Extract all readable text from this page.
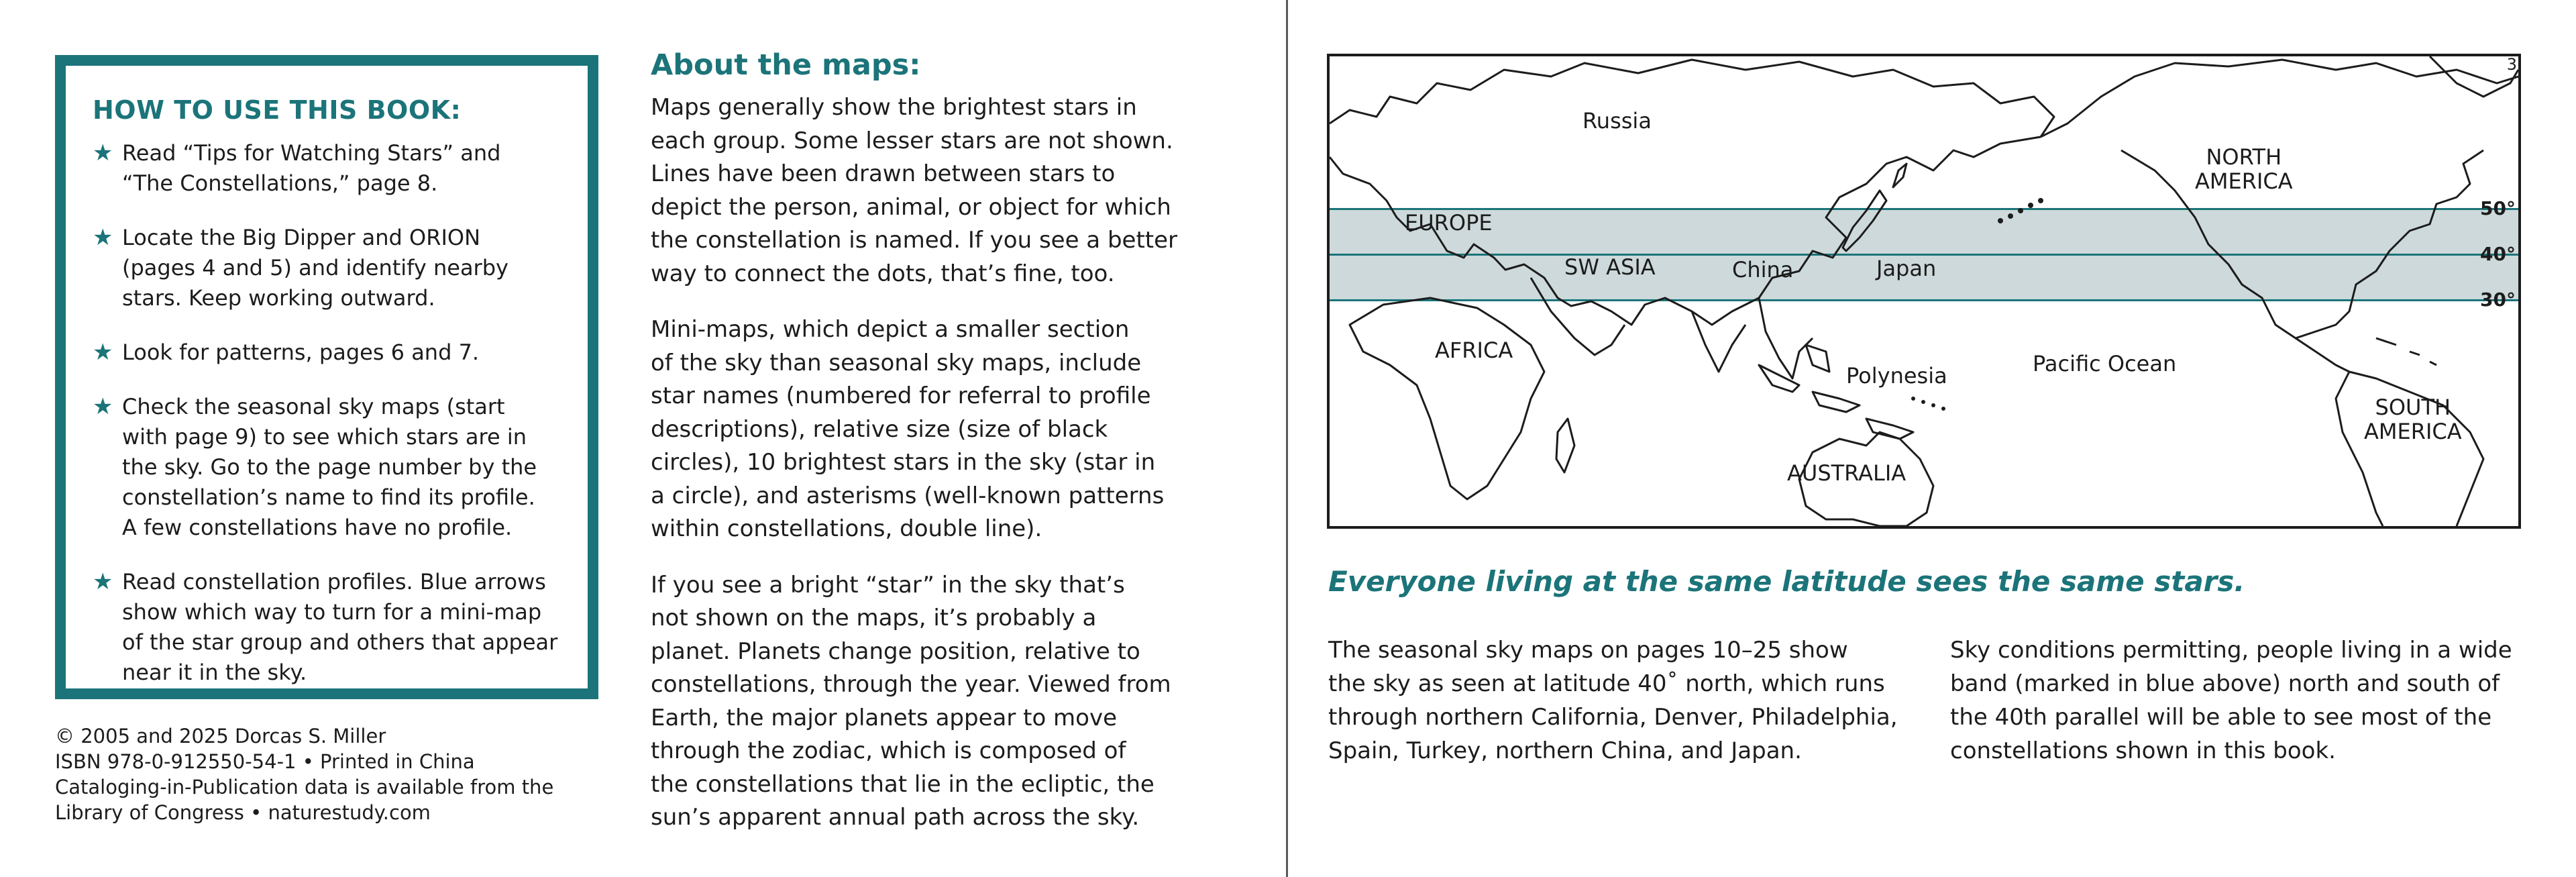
HOW TO USE THIS BOOK:
★ Read “Tips for Watching Stars” and
“The Constellations,” page 8.
★ Locate the Big Dipper and ORION
(pages 4 and 5) and identify nearby
stars. Keep working outward.
★ Look for patterns, pages 6 and 7.
★ Check the seasonal sky maps (start
with page 9) to see which stars are in
the sky. Go to the page number by the
constellation’s name to find its profile.
A few constellations have no profile.
★ Read constellation profiles. Blue arrows
show which way to turn for a mini-map
of the star group and others that appear
near it in the sky.
© 2005 and 2025 Dorcas S. Miller
ISBN 978-0-912550-54-1 • Printed in China
Cataloging-in-Publication data is available from the
Library of Congress • naturestudy.com
About the maps:

Maps generally show the brightest stars in
each group. Some lesser stars are not shown.
Lines have been drawn between stars to
depict the person, animal, or object for which
the constellation is named. If you see a better
way to connect the dots, that’s fine, too.

Mini-maps, which depict a smaller section
of the sky than seasonal sky maps, include
star names (numbered for referral to profile
descriptions), relative size (size of black
circles), 10 brightest stars in the sky (star in
a circle), and asterisms (well-known patterns
within constellations, double line).

If you see a bright “star” in the sky that’s
not shown on the maps, it’s probably a
planet. Planets change position, relative to
constellations, through the year. Viewed from
Earth, the major planets appear to move
through the zodiac, which is composed of
the constellations that lie in the ecliptic, the
sun’s apparent annual path across the sky.

3
Russia
EUROPE
SW ASIA	China	Japan
AFRICA
Polynesia	Pacific Ocean
AUSTRALIA
NORTH
AMERICA
SOUTH
AMERICA
50°
40°
30°
Everyone living at the same latitude sees the same stars.
The seasonal sky maps on pages 10–25 show
the sky as seen at latitude 40˚ north, which runs
through northern California, Denver, Philadelphia,
Spain, Turkey, northern China, and Japan.
Sky conditions permitting, people living in a wide
band (marked in blue above) north and south of
the 40th parallel will be able to see most of the
constellations shown in this book.
